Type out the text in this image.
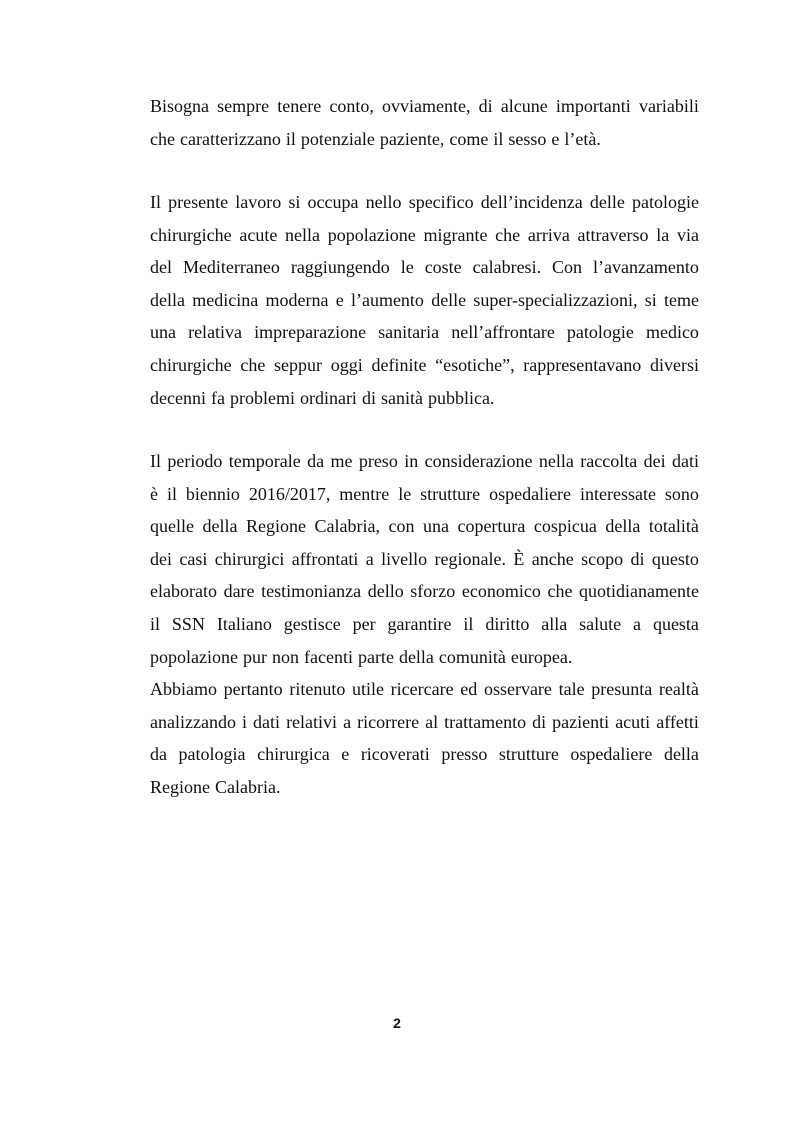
Bisogna sempre tenere conto, ovviamente, di alcune importanti variabili
che caratterizzano il potenziale paziente, come il sesso e l’età.
Il presente lavoro si occupa nello specifico dell’incidenza delle patologie
chirurgiche acute nella popolazione migrante che arriva attraverso la via
del Mediterraneo raggiungendo le coste calabresi. Con l’avanzamento
della medicina moderna e l’aumento delle super-specializzazioni, si teme
una relativa impreparazione sanitaria nell’affrontare patologie medico
chirurgiche che seppur oggi definite “esotiche”, rappresentavano diversi
decenni fa problemi ordinari di sanità pubblica.
Il periodo temporale da me preso in considerazione nella raccolta dei dati
è il biennio 2016/2017, mentre le strutture ospedaliere interessate sono
quelle della Regione Calabria, con una copertura cospicua della totalità
dei casi chirurgici affrontati a livello regionale. È anche scopo di questo
elaborato dare testimonianza dello sforzo economico che quotidianamente
il SSN Italiano gestisce per garantire il diritto alla salute a questa
popolazione pur non facenti parte della comunità europea.
Abbiamo pertanto ritenuto utile ricercare ed osservare tale presunta realtà
analizzando i dati relativi a ricorrere al trattamento di pazienti acuti affetti
da patologia chirurgica e ricoverati presso strutture ospedaliere della
Regione Calabria.
2
